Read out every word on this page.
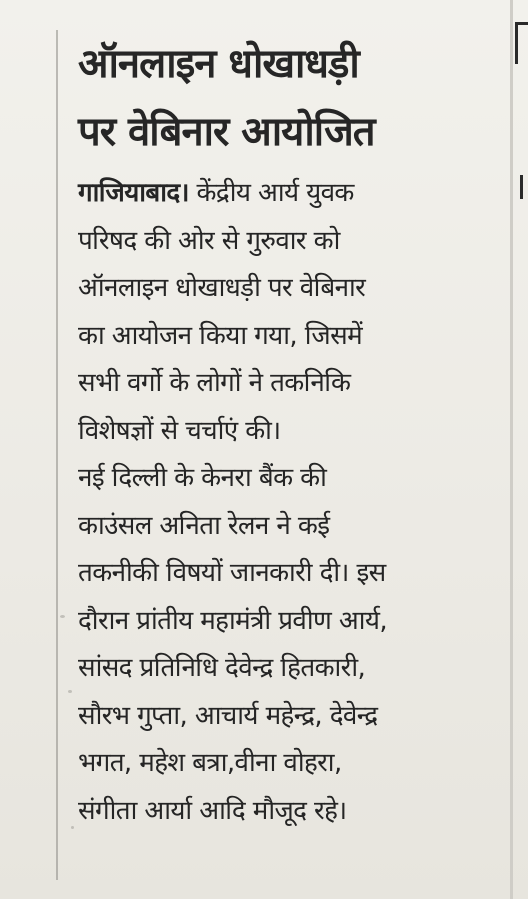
ऑनलाइन धोखाधड़ी
पर वेबिनार आयोजित
गाजियाबाद। केंद्रीय आर्य युवक
परिषद की ओर से गुरुवार को
ऑनलाइन धोखाधड़ी पर वेबिनार
का आयोजन किया गया, जिसमें
सभी वर्गो के लोगों ने तकनिकि
विशेषज्ञों से चर्चाएं की।
नई दिल्ली के केनरा बैंक की
काउंसल अनिता रेलन ने कई
तकनीकी विषयों जानकारी दी। इस
दौरान प्रांतीय महामंत्री प्रवीण आर्य,
सांसद प्रतिनिधि देवेन्द्र हितकारी,
सौरभ गुप्ता, आचार्य महेन्द्र, देवेन्द्र
भगत, महेश बत्रा,वीना वोहरा,
संगीता आर्या आदि मौजूद रहे।
